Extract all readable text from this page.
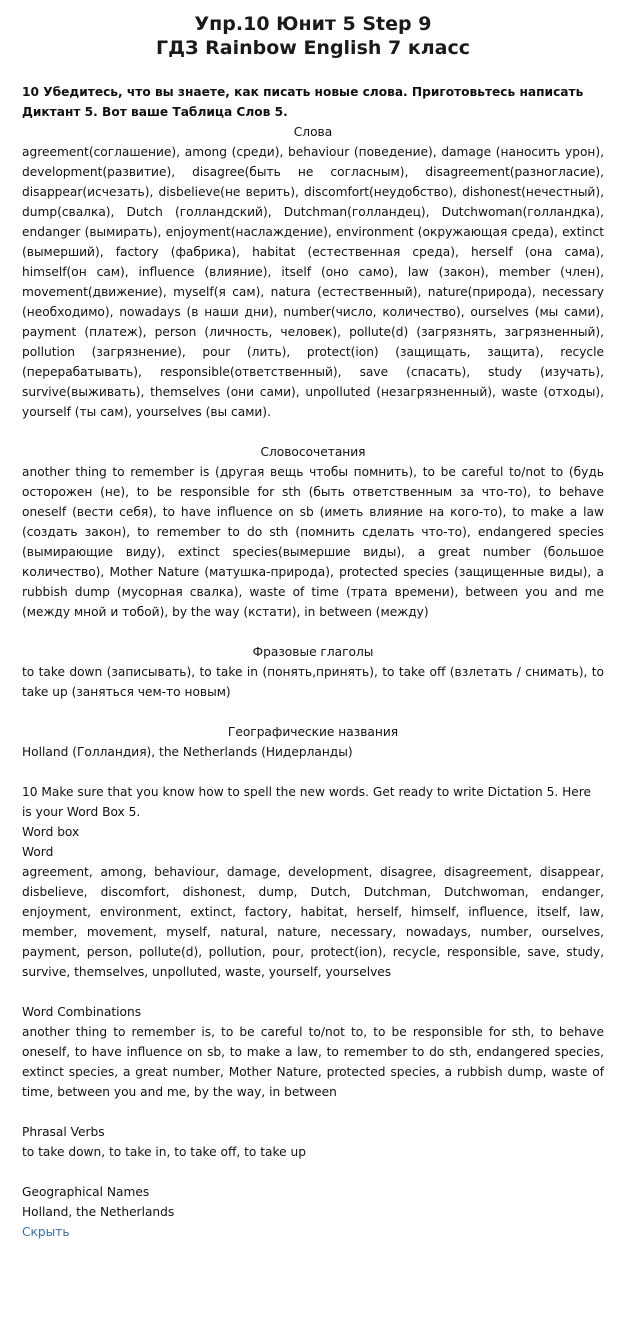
Упр.10 Юнит 5 Step 9
ГДЗ Rainbow English 7 класс
10 Убедитесь, что вы знаете, как писать новые слова. Приготовьтесь написать Диктант 5. Вот ваше Таблица Слов 5.
Слова
agreement(соглашение), among (среди), behaviour (поведение), damage (наносить урон), development(развитие), disagree(быть не согласным), disagreement(разногласие), disappear(исчезать), disbelieve(не верить), discomfort(неудобство), dishonest(нечестный), dump(свалка), Dutch (голландский), Dutchman(голландец), Dutchwoman(голландка), endanger (вымирать), enjoyment(наслаждение), environment (окружающая среда), extinct (вымерший), factory (фабрика), habitat (естественная среда), herself (она сама), himself(он сам), influence (влияние), itself (оно само), law (закон), member (член), movement(движение), myself(я сам), natura (естественный), nature(природа), necessary (необходимо), nowadays (в наши дни), number(число, количество), ourselves (мы сами), payment (платеж), person (личность, человек), pollute(d) (загрязнять, загрязненный), pollution (загрязнение), pour (лить), protect(ion) (защищать, защита), recycle (перерабатывать), responsible(ответственный), save (спасать), study (изучать), survive(выживать), themselves (они сами), unpolluted (незагрязненный), waste (отходы), yourself (ты сам), yourselves (вы сами).
Словосочетания
another thing to remember is (другая вещь чтобы помнить), to be careful to/not to (будь осторожен (не), to be responsible for sth (быть ответственным за что-то), to behave oneself (вести себя), to have influence on sb (иметь влияние на кого-то), to make a law (создать закон), to remember to do sth (помнить сделать что-то), endangered species (вымирающие виду), extinct species(вымершие виды), a great number (большое количество), Mother Nature (матушка-природа), protected species (защищенные виды), a rubbish dump (мусорная свалка), waste of time (трата времени), between you and me (между мной и тобой), by the way (кстати), in between (между)
Фразовые глаголы
to take down (записывать), to take in (понять,принять), to take off (взлетать / снимать), to take up (заняться чем-то новым)
Географические названия
Holland (Голландия), the Netherlands (Нидерланды)
10 Make sure that you know how to spell the new words. Get ready to write Dictation 5. Here is your Word Box 5.
Word box
Word
agreement, among, behaviour, damage, development, disagree, disagreement, disappear, disbelieve, discomfort, dishonest, dump, Dutch, Dutchman, Dutchwoman, endanger, enjoyment, environment, extinct, factory, habitat, herself, himself, influence, itself, law, member, movement, myself, natural, nature, necessary, nowadays, number, ourselves, payment, person, pollute(d), pollution, pour, protect(ion), recycle, responsible, save, study, survive, themselves, unpolluted, waste, yourself, yourselves
Word Combinations
another thing to remember is, to be careful to/not to, to be responsible for sth, to behave oneself, to have influence on sb, to make a law, to remember to do sth, endangered species, extinct species, a great number, Mother Nature, protected species, a rubbish dump, waste of time, between you and me, by the way, in between
Phrasal Verbs
to take down, to take in, to take off, to take up
Geographical Names
Holland, the Netherlands
Скрыть
